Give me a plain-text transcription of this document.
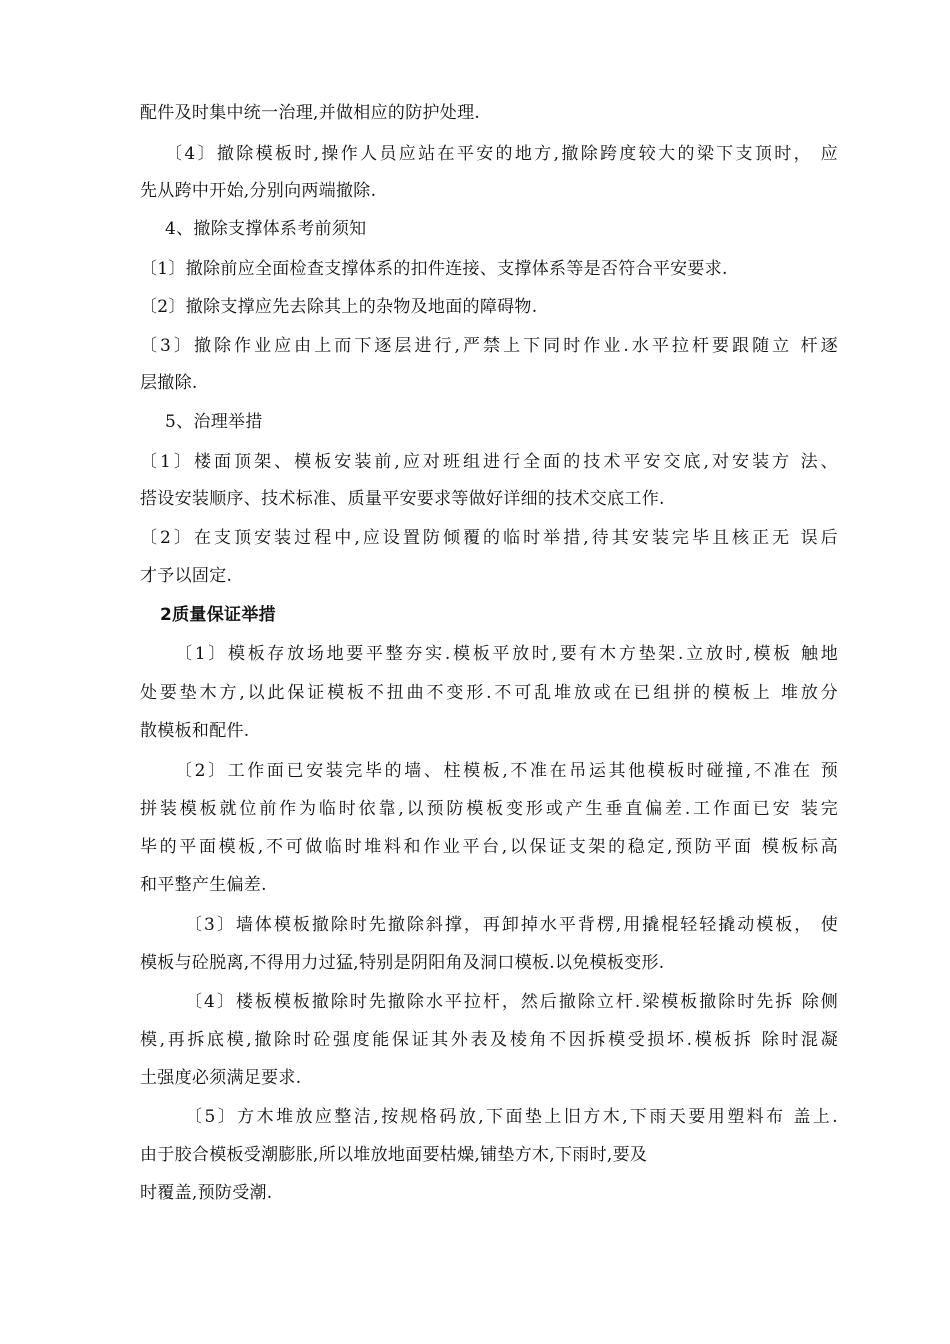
配件及时集中统一治理,并做相应的防护处理.
〔4〕撤除模板时,操作人员应站在平安的地方,撤除跨度较大的梁下支顶时， 应
先从跨中开始,分别向两端撤除.
4、撤除支撑体系考前须知
〔1〕撤除前应全面检查支撑体系的扣件连接、支撑体系等是否符合平安要求.
〔2〕撤除支撑应先去除其上的杂物及地面的障碍物.
〔3〕撤除作业应由上而下逐层进行,严禁上下同时作业.水平拉杆要跟随立 杆逐
层撤除.
5、治理举措
〔1〕楼面顶架、模板安装前,应对班组进行全面的技术平安交底,对安装方 法、
搭设安装顺序、技术标准、质量平安要求等做好详细的技术交底工作.
〔2〕在支顶安装过程中,应设置防倾覆的临时举措,待其安装完毕且核正无 误后
才予以固定.
2质量保证举措
〔1〕模板存放场地要平整夯实.模板平放时,要有木方垫架.立放时,模板 触地
处要垫木方,以此保证模板不扭曲不变形.不可乱堆放或在已组拼的模板上 堆放分
散模板和配件.
〔2〕工作面已安装完毕的墙、柱模板,不准在吊运其他模板时碰撞,不准在 预
拼装模板就位前作为临时依靠,以预防模板变形或产生垂直偏差.工作面已安 装完
毕的平面模板,不可做临时堆料和作业平台,以保证支架的稳定,预防平面 模板标高
和平整产生偏差.
〔3〕墙体模板撤除时先撤除斜撑，再卸掉水平背楞,用撬棍轻轻撬动模板， 使
模板与砼脱离,不得用力过猛,特别是阴阳角及洞口模板.以免模板变形.
〔4〕楼板模板撤除时先撤除水平拉杆，然后撤除立杆.梁模板撤除时先拆 除侧
模,再拆底模,撤除时砼强度能保证其外表及棱角不因拆模受损坏.模板拆 除时混凝
土强度必须满足要求.
〔5〕方木堆放应整洁,按规格码放,下面垫上旧方木,下雨天要用塑料布 盖上.
由于胶合模板受潮膨胀,所以堆放地面要枯燥,铺垫方木,下雨时,要及
时覆盖,预防受潮.
